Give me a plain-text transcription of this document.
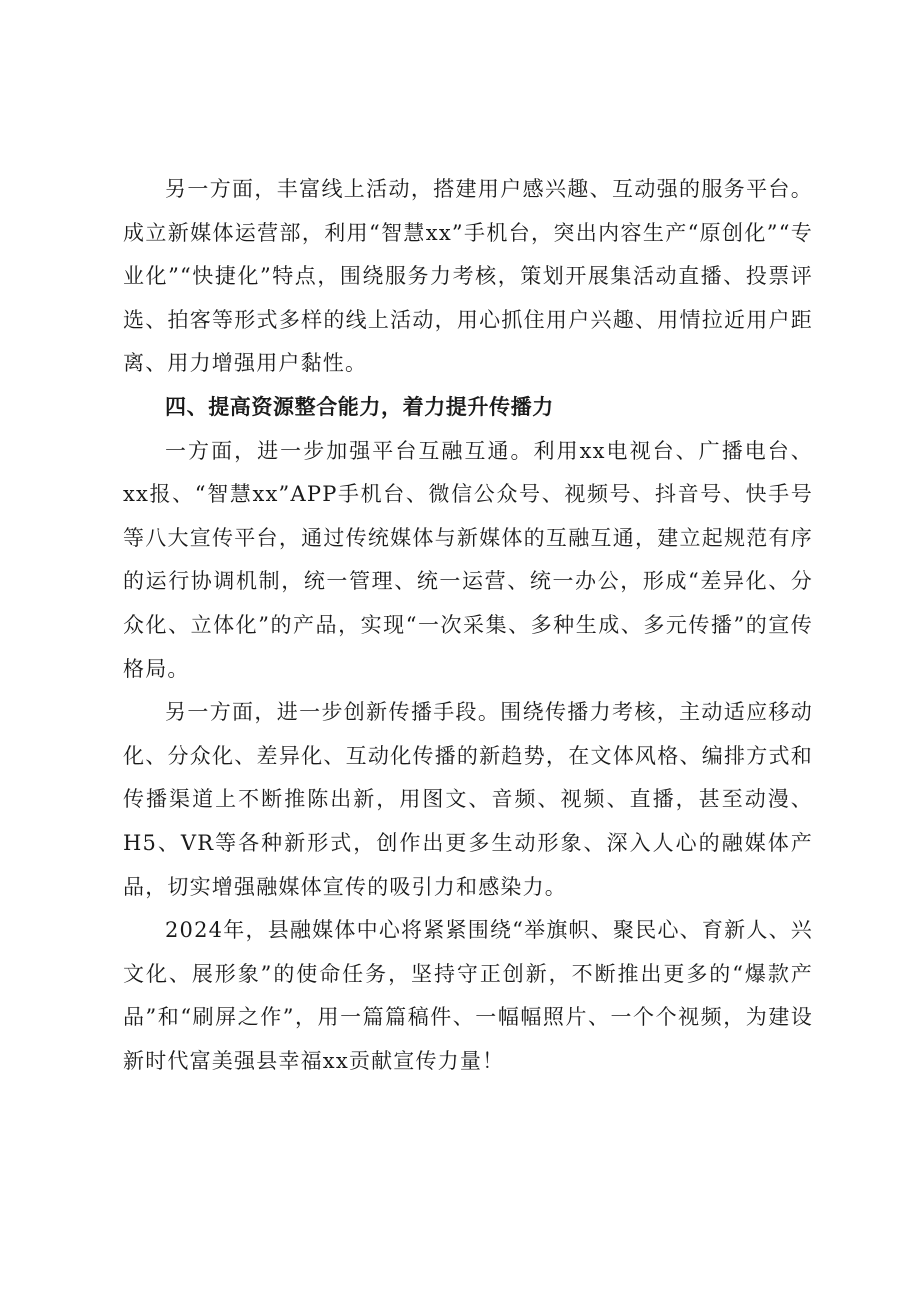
另一方面，丰富线上活动，搭建用户感兴趣、互动强的服务平台。成立新媒体运营部，利用“智慧xx”手机台，突出内容生产“原创化”“专业化”“快捷化”特点，围绕服务力考核，策划开展集活动直播、投票评选、拍客等形式多样的线上活动，用心抓住用户兴趣、用情拉近用户距离、用力增强用户黏性。

四、提高资源整合能力，着力提升传播力

一方面，进一步加强平台互融互通。利用xx电视台、广播电台、xx报、“智慧xx”APP手机台、微信公众号、视频号、抖音号、快手号等八大宣传平台，通过传统媒体与新媒体的互融互通，建立起规范有序的运行协调机制，统一管理、统一运营、统一办公，形成“差异化、分众化、立体化”的产品，实现“一次采集、多种生成、多元传播”的宣传格局。

另一方面，进一步创新传播手段。围绕传播力考核，主动适应移动化、分众化、差异化、互动化传播的新趋势，在文体风格、编排方式和传播渠道上不断推陈出新，用图文、音频、视频、直播，甚至动漫、H5、VR等各种新形式，创作出更多生动形象、深入人心的融媒体产品，切实增强融媒体宣传的吸引力和感染力。

2024年，县融媒体中心将紧紧围绕“举旗帜、聚民心、育新人、兴文化、展形象”的使命任务，坚持守正创新，不断推出更多的“爆款产品”和“刷屏之作”，用一篇篇稿件、一幅幅照片、一个个视频，为建设新时代富美强县幸福xx贡献宣传力量！
